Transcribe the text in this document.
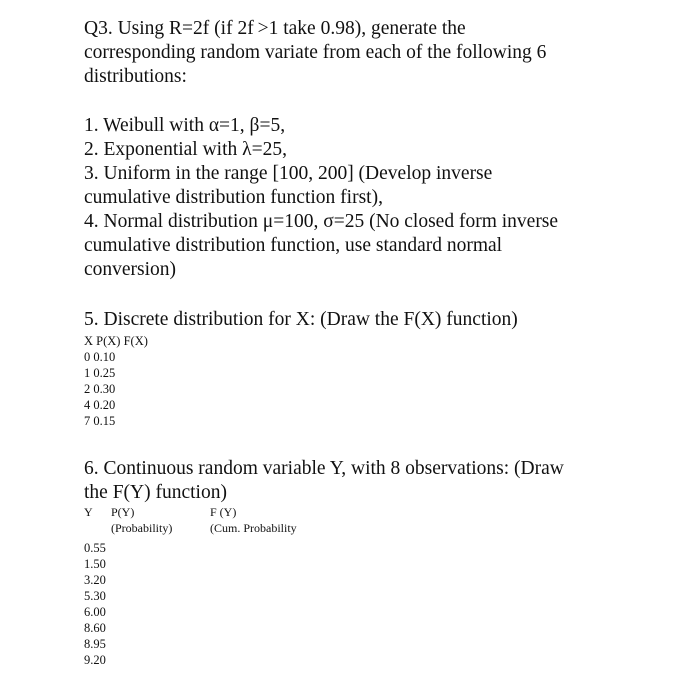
Q3. Using R=2f (if 2f >1 take 0.98), generate the
corresponding random variate from each of the following 6
distributions:
1. Weibull with α=1, β=5,
2. Exponential with λ=25,
3. Uniform in the range [100, 200] (Develop inverse
cumulative distribution function first),
4. Normal distribution μ=100, σ=25 (No closed form inverse
cumulative distribution function, use standard normal
conversion)
5. Discrete distribution for X: (Draw the F(X) function)
X P(X) F(X)
0 0.10
1 0.25
2 0.30
4 0.20
7 0.15
6. Continuous random variable Y, with 8 observations: (Draw
the F(Y) function)
Y P(Y)
(Probability)
F (Y)
(Cum. Probability
0.55
1.50
3.20
5.30
6.00
8.60
8.95
9.20
